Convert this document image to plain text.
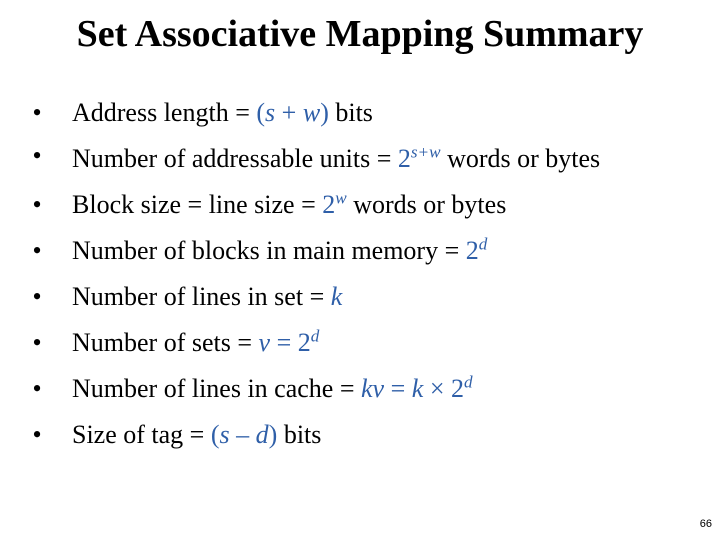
Set Associative Mapping Summary
• Address length = (s + w) bits
• Number of addressable units = $2^{s+w}$ words or bytes
• Block size = line size = $2^w$ words or bytes
• Number of blocks in main memory = $2^d$
• Number of lines in set = k
• Number of sets = $v = 2^d$
• Number of lines in cache = kv = $k \times 2^d$
• Size of tag = (s – d) bits
66
